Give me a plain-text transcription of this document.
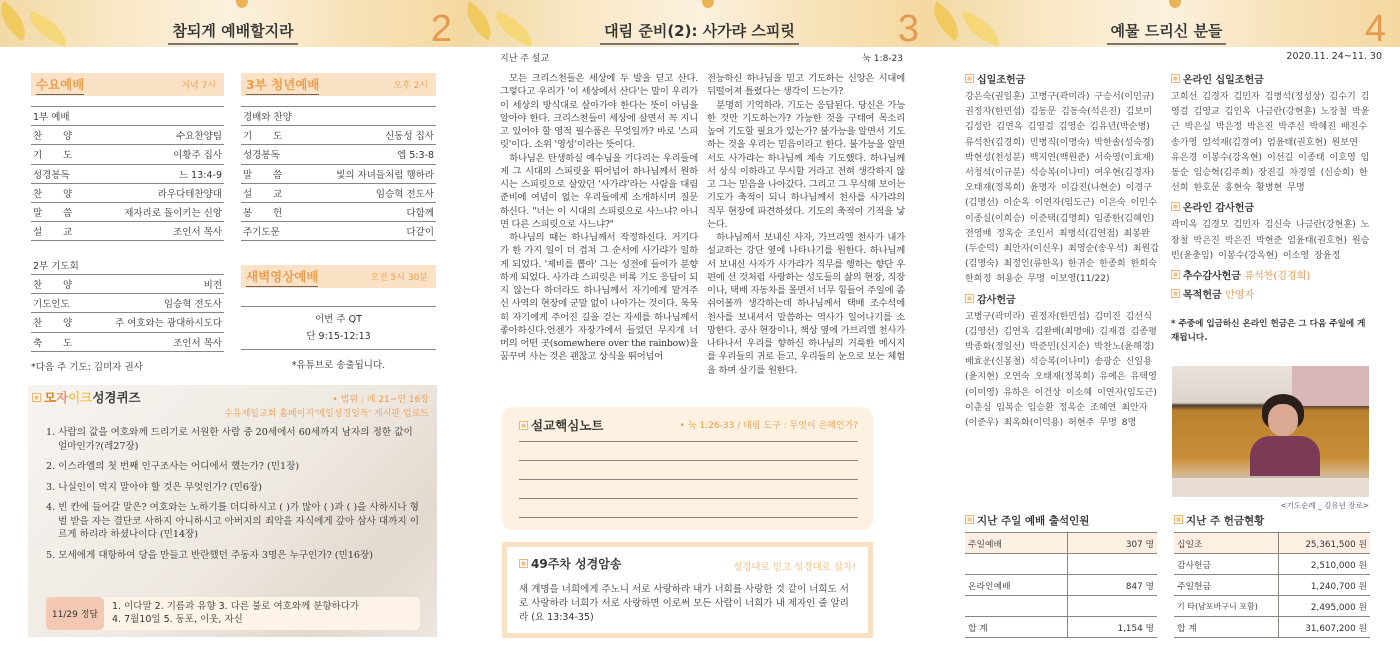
참되게 예배할지라	2
수요예배	저녁 7시
1부 예배	
찬 양	수요찬양팀
기 도	이황주 집사
성경봉독	느 13:4-9
찬 양	라우다테찬양대
말 씀	제자리로 돌이키는 신앙
설 교	조인서 목사
2부 기도회	
찬 양	비전
기도인도	임승혁 전도사
찬 양	주 여호와는 광대하시도다
축 도	조인서 목사
*다음 주 기도: 김미자 권사
3부 청년예배	오후 2시
경배와 찬양	
기 도	신동성 집사
성경봉독	엡 5:3-8
말 씀	빛의 자녀들처럼 행하라
설 교	임승혁 전도사
봉 헌	다함께
주기도문	다같이
새벽영상예배	오전 5시 30분
이번 주 QT
단 9:15-12:13
*유튜브로 송출됩니다.
모자이크성경퀴즈	• 범위 : 레 21~민 16장
수유제일교회 홈페이지'매일성경일독' 게시판 업로드
1. 사람의 값을 여호와께 드리기로 서원한 사람 중 20세에서 60세까지 남자의 정한 값이 얼마인가?(레27장)
2. 이스라엘의 첫 번째 인구조사는 어디에서 했는가? (민1장)
3. 나실인이 먹지 말아야 할 것은 무엇인가? (민6장)
4. 빈 칸에 들어갈 말은? 여호와는 노하기를 더디하시고 ( )가 많아 ( )과 ( )을 사하시나 형벌 받을 자는 결단코 사하지 아니하시고 아버지의 죄악을 자식에게 갚아 삼사 대까지 이르게 하리라 하셨나이다 (민14장)
5. 모세에게 대항하여 당을 만들고 반란했던 주동자 3명은 누구인가? (민16장)
11/29 정답
1. 이다말 2. 기름과 유향 3. 다른 불로 여호와께 분향하다가
4. 7월10일 5. 동포, 이웃, 자신
대림 준비(2): 사가랴 스피릿	3
지난 주 설교	눅 1:8-23

모든 크리스천들은 세상에 두 발을 딛고 산다. 그렇다고 우리가 '이 세상에서 산다'는 말이 우리가 이 세상의 방식대로 살아가야 한다는 뜻이 아님을 알아야 한다. 크리스천들이 세상에 살면서 꼭 지니고 있어야 할 영적 필수품은 무엇일까? 바로 '스피릿'이다. 소위 '영성'이라는 뜻이다.

하나님은 탄생하실 예수님을 기다리는 우리들에게 그 시대의 스피릿을 뛰어넘어 하나님께서 원하시는 스피릿으로 살았던 '사가랴'라는 사람을 대림 준비에 여념이 없는 우리들에게 소개하시며 질문하신다. "너는 이 시대의 스피릿으로 사느냐? 아니면 다른 스피릿으로 사느냐?"

하나님의 때는 하나님께서 작정하신다. 거기다가 한 가지 일이 더 겹쳐 그 순서에 사가랴가 일하게 되었다. '제비를 뽑아' 그는 성전에 들어가 분향하게 되었다. 사가랴 스피릿은 비록 기도 응답이 되지 않는다 하더라도 하나님께서 자기에게 맡겨주신 사역의 현장에 군말 없이 나아가는 것이다. 묵묵히 자기에게 주어진 길을 걷는 자세를 하나님께서 좋아하신다.언젠가 자장가에서 들었던 무지개 너머의 어떤 곳(somewhere over the rainbow)을 꿈꾸며 사는 것은 괜찮고 상식을 뛰어넘어

전능하신 하나님을 믿고 기도하는 신앙은 시대에 뒤떨어져 틀렸다는 생각이 드는가?

분명히 기억하라. 기도는 응답된다. 당신은 가능한 것만 기도하는가? 가능한 것을 구태여 목소리 높여 기도할 필요가 있는가? 불가능을 알면서 기도하는 것을 우리는 믿음이라고 한다. 불가능을 알면서도 사가랴는 하나님께 계속 기도했다. 하나님께서 상식 이하라고 무시할 거라고 전혀 생각하지 않고 그는 믿음을 나아갔다. 그리고 그 무식해 보이는 기도가 축적이 되니 하나님께서 천사를 사가랴의 직무 현장에 파견하셨다. 기도의 축적이 기적을 낳는다.

하나님께서 보내신 사자, 가브리엘 천사가 내가 설교하는 강단 옆에 나타나기를 원한다. 하나님께서 보내신 사자가 사가랴가 직무를 행하는 향단 우편에 선 것처럼 사랑하는 성도들의 삶의 현장, 직장이나, 택배 자동차를 몰면서 너무 힘들어 주일에 좀 쉬어볼까 생각하는데 하나님께서 택배 조수석에 천사를 보내셔서 말씀하는 역사가 일어나기를 소망한다. 공사 현장이나, 책상 옆에 가브리엘 천사가 나타나서 우리를 향하신 하나님의 거룩한 메시지를 우리들의 귀로 듣고, 우리들의 눈으로 보는 체험을 하며 살기를 원한다.

설교핵심노트	• 눅 1:26-33 / 대림 도구 : 무엇이 은혜인가?
49주차 성경암송	성경대로 믿고 성경대로 살자!
새 계명을 너희에게 주노니 서로 사랑하라 내가 너희를 사랑한 것 같이 너희도 서로 사랑하라 너희가 서로 사랑하면 이로써 모든 사람이 너희가 내 제자인 줄 알리라 (요 13:34-35)
예물 드리신 분들	4
2020.11. 24~11. 30
십일조헌금
강은숙(권일훈) 고병구(곽미라) 구승서(이민규) 권정자(한민섭) 김동문 김동숙(석은진) 김보미 김성란 김연옥 김영걸 김영순 김유년(박순병) 류석찬(김경희) 민병직(이명숙) 박한솔(성숙경) 박현성(천성분) 백지연(백원준) 서숙영(이효재) 서청석(이규분) 석승복(이나미) 여우현(김경자) 오태재(정복희) 윤명자 이갑진(나현순) 이경구 (김명선) 이순옥 이연자(임도근) 이은숙 이인수 이종실(이희승) 이준택(김명희) 임종한(김혜인) 전영배 정옥순 조인서 최병석(김연점) 최봉완 (두순덕) 최안자(이신우) 최영순(송우석) 최원갑 (김명숙) 최정인(류한옥) 한귀순 한종희 한희숙 한희정 허용순 무명 이보영(11/22)
감사헌금
고병구(곽미라) 권정자(한민섭) 김미진 김선식 (김영선) 김연옥 김완배(최명애) 김재겸 김종평 박종화(정일선) 박준민(신지순) 박찬노(윤해경) 배효운(신봉철) 석승복(이나미) 송광순 신일용 (윤지현) 오연숙 오태재(정복희) 유예은 유택영 (이미영) 유하은 이건상 이소혜 이연자(임도근) 이춘심 임복순 임승환 정옥순 조혜연 최안자 (이준우) 최옥화(이덕용) 허현주 무명 8명
온라인 십일조헌금
고희선 김경자 김민자 김병석(정성상) 김수기 김영걸 김영교 김인옥 나금란(강현훈) 노장철 박윤근 박은실 박은정 박은진 박주신 박혜진 배진수 송가영 엄석재(김경여) 엄윤태(권호현) 원보연 유은경 이봉수(강옥현) 이선길 이종태 이호영 임동순 임승혁(김주희) 장진길 차경열 (신승희) 한선희 한호문 홍현숙 황병현 무명
온라인 감사헌금
곽미옥 김경모 김민자 김신숙 나금란(강현훈) 노장철 박은진 박은진 박현준 엄윤태(권호현) 원승빈(윤충임) 이봉수(강옥현) 이소영 장윤정
추수감사헌금 류석찬(김경희)
목적헌금 안영자
* 주중에 입금하신 온라인 헌금은 그 다음 주일에 게재됩니다.
지난 주일 예배 출석인원
주일예배	307 명

온라인예배	847 명

합 계	1,154 명
지난 주 헌금현황
십일조	25,361,500 원
감사헌금	2,510,000 원
주일헌금	1,240,700 원
기 타(남포바구니 포함)	2,495,000 원
합 계	31,607,200 원
<기도순례 _ 김유년 장로>
